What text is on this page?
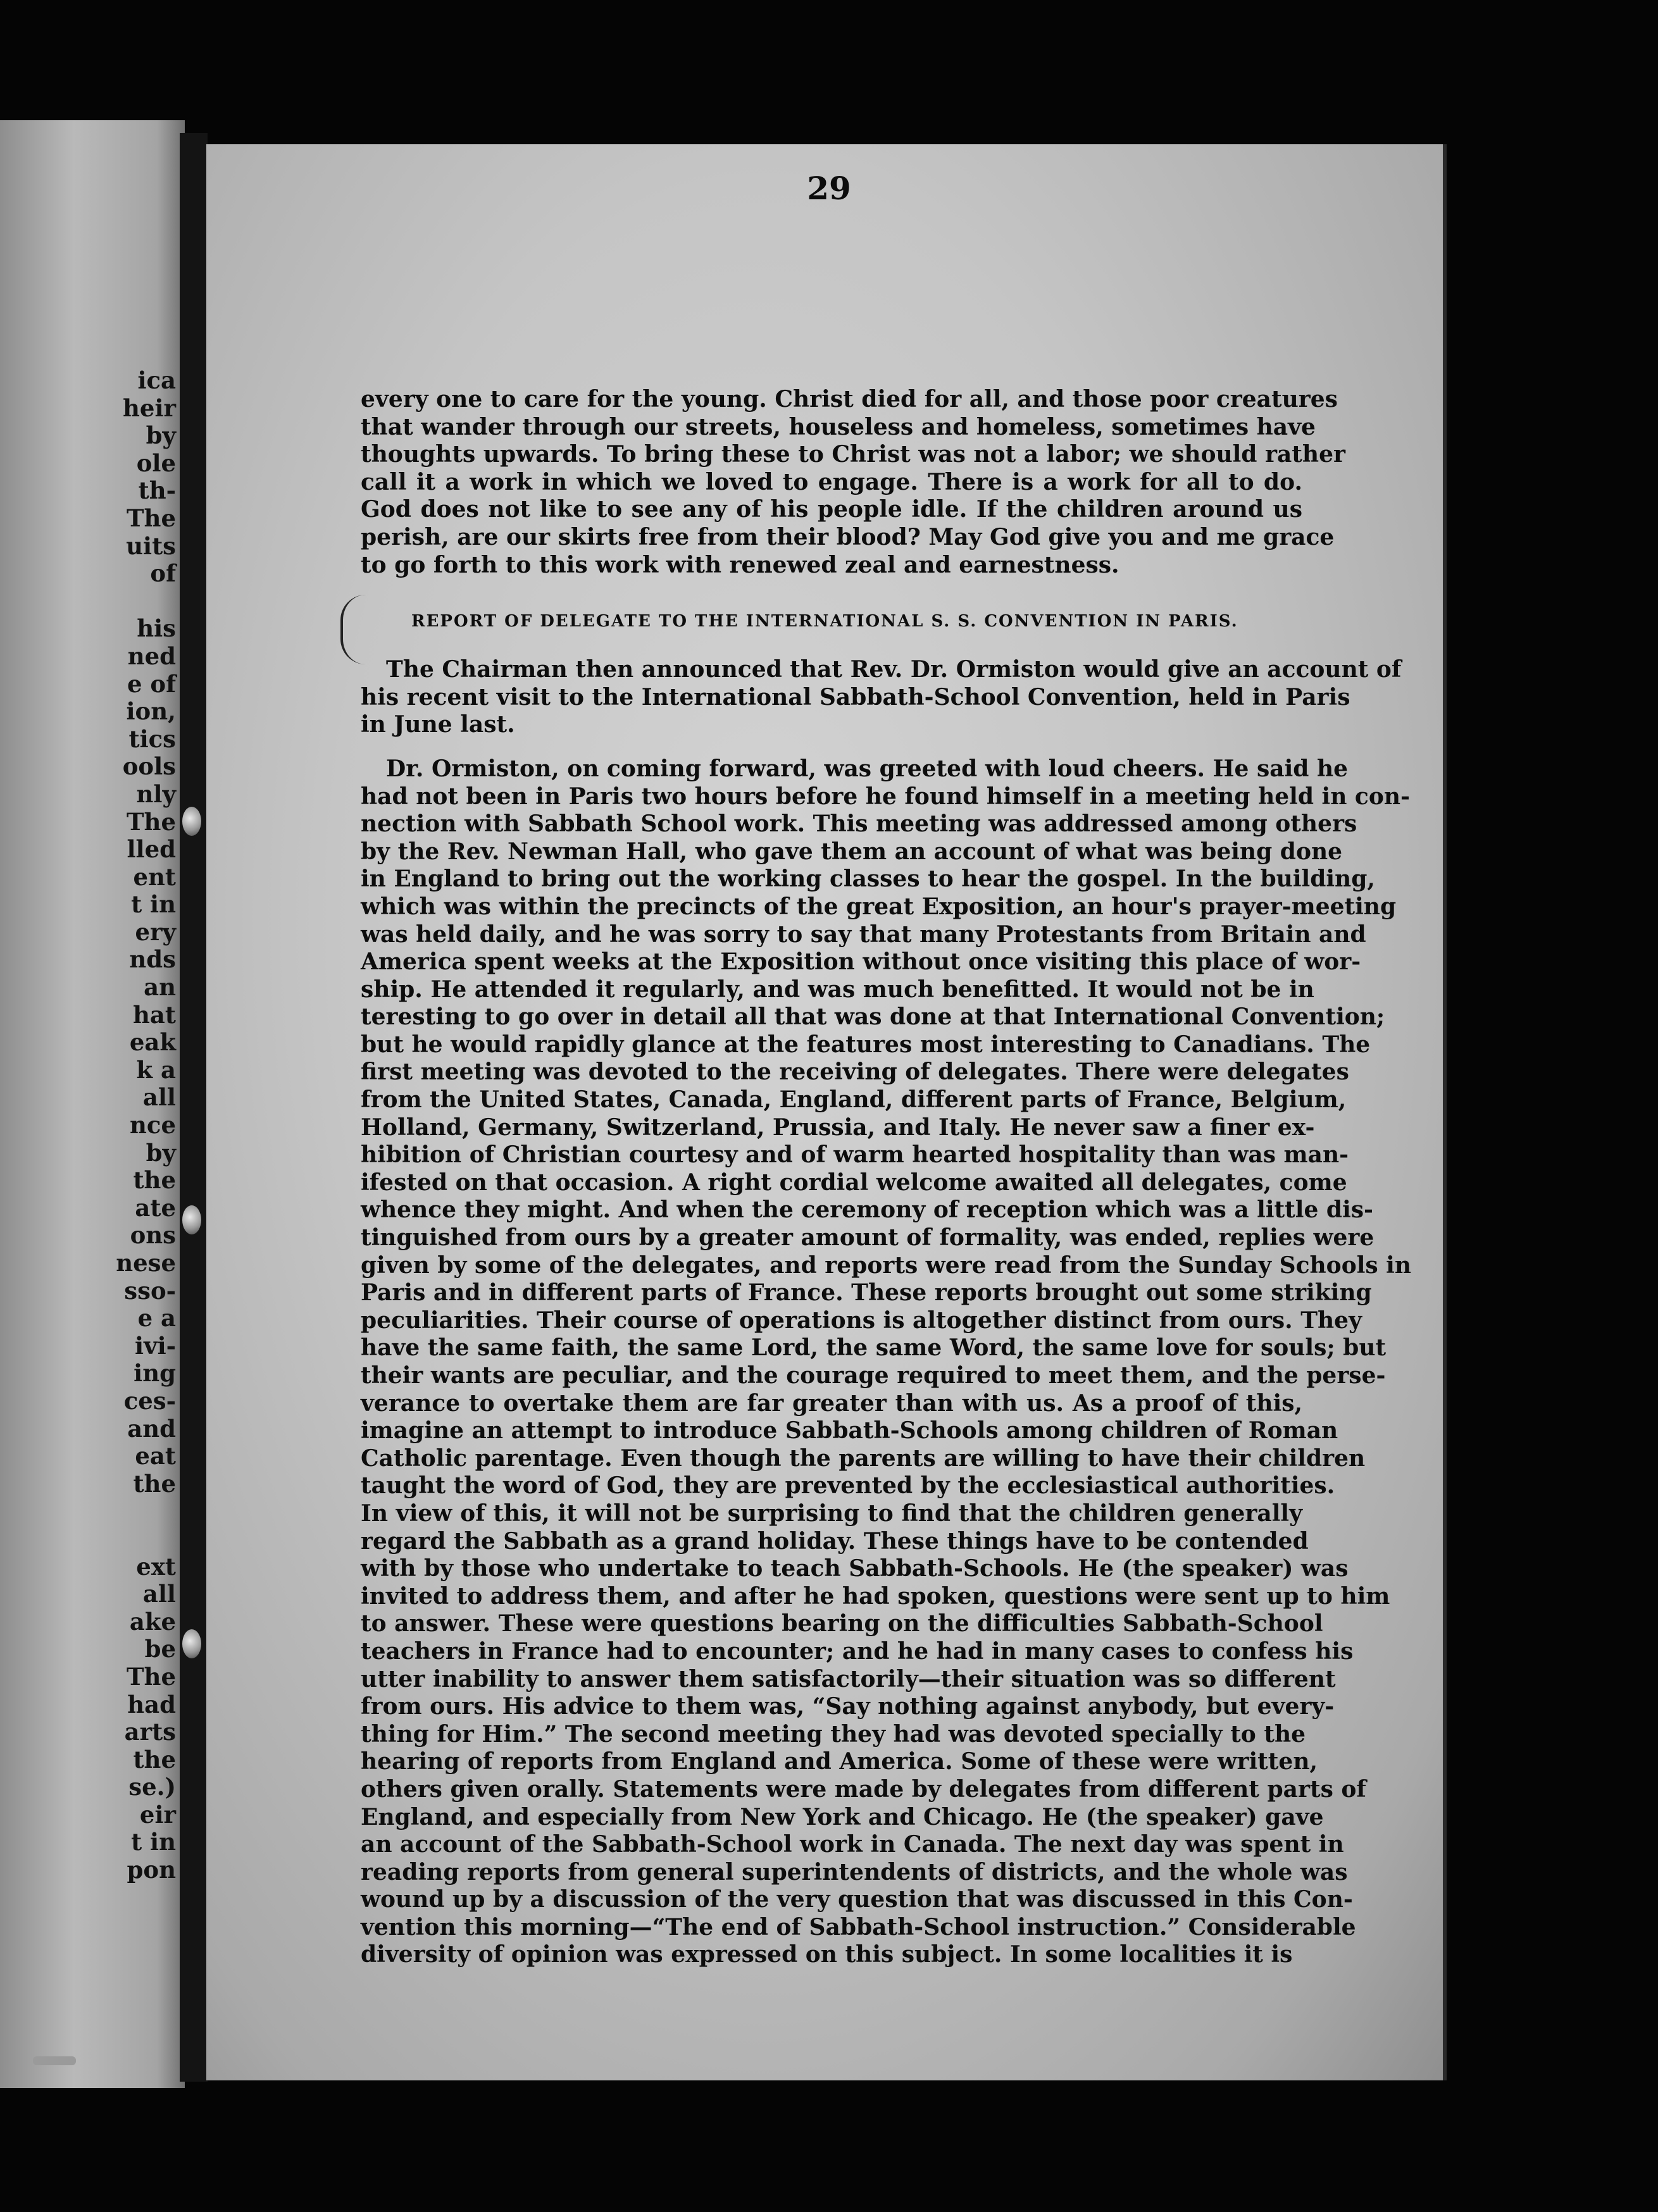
ica
heir
by
ole
th-
The
uits
of
his
ned
e of
ion,
tics
ools
nly
The
lled
ent
t in
ery
nds
an
hat
eak
k a
all
nce
by
the
ate
ons
nese
sso-
e a
ivi-
ing
ces-
and
eat
the
ext
all
ake
be
The
had
arts
the
se.)
eir
t in
pon
29
every one to care for the young. Christ died for all, and those poor creatures
that wander through our streets, houseless and homeless, sometimes have
thoughts upwards. To bring these to Christ was not a labor; we should rather
call it a work in which we loved to engage. There is a work for all to do.
God does not like to see any of his people idle. If the children around us
perish, are our skirts free from their blood? May God give you and me grace
to go forth to this work with renewed zeal and earnestness.
REPORT OF DELEGATE TO THE INTERNATIONAL S. S. CONVENTION IN PARIS.
The Chairman then announced that Rev. Dr. Ormiston would give an account of
his recent visit to the International Sabbath-School Convention, held in Paris
in June last.
Dr. Ormiston, on coming forward, was greeted with loud cheers. He said he
had not been in Paris two hours before he found himself in a meeting held in con-
nection with Sabbath School work. This meeting was addressed among others
by the Rev. Newman Hall, who gave them an account of what was being done
in England to bring out the working classes to hear the gospel. In the building,
which was within the precincts of the great Exposition, an hour's prayer-meeting
was held daily, and he was sorry to say that many Protestants from Britain and
America spent weeks at the Exposition without once visiting this place of wor-
ship. He attended it regularly, and was much benefitted. It would not be in
teresting to go over in detail all that was done at that International Convention;
but he would rapidly glance at the features most interesting to Canadians. The
first meeting was devoted to the receiving of delegates. There were delegates
from the United States, Canada, England, different parts of France, Belgium,
Holland, Germany, Switzerland, Prussia, and Italy. He never saw a finer ex-
hibition of Christian courtesy and of warm hearted hospitality than was man-
ifested on that occasion. A right cordial welcome awaited all delegates, come
whence they might. And when the ceremony of reception which was a little dis-
tinguished from ours by a greater amount of formality, was ended, replies were
given by some of the delegates, and reports were read from the Sunday Schools in
Paris and in different parts of France. These reports brought out some striking
peculiarities. Their course of operations is altogether distinct from ours. They
have the same faith, the same Lord, the same Word, the same love for souls; but
their wants are peculiar, and the courage required to meet them, and the perse-
verance to overtake them are far greater than with us. As a proof of this,
imagine an attempt to introduce Sabbath-Schools among children of Roman
Catholic parentage. Even though the parents are willing to have their children
taught the word of God, they are prevented by the ecclesiastical authorities.
In view of this, it will not be surprising to find that the children generally
regard the Sabbath as a grand holiday. These things have to be contended
with by those who undertake to teach Sabbath-Schools. He (the speaker) was
invited to address them, and after he had spoken, questions were sent up to him
to answer. These were questions bearing on the difficulties Sabbath-School
teachers in France had to encounter; and he had in many cases to confess his
utter inability to answer them satisfactorily—their situation was so different
from ours. His advice to them was, “Say nothing against anybody, but every-
thing for Him.” The second meeting they had was devoted specially to the
hearing of reports from England and America. Some of these were written,
others given orally. Statements were made by delegates from different parts of
England, and especially from New York and Chicago. He (the speaker) gave
an account of the Sabbath-School work in Canada. The next day was spent in
reading reports from general superintendents of districts, and the whole was
wound up by a discussion of the very question that was discussed in this Con-
vention this morning—“The end of Sabbath-School instruction.” Considerable
diversity of opinion was expressed on this subject. In some localities it is
